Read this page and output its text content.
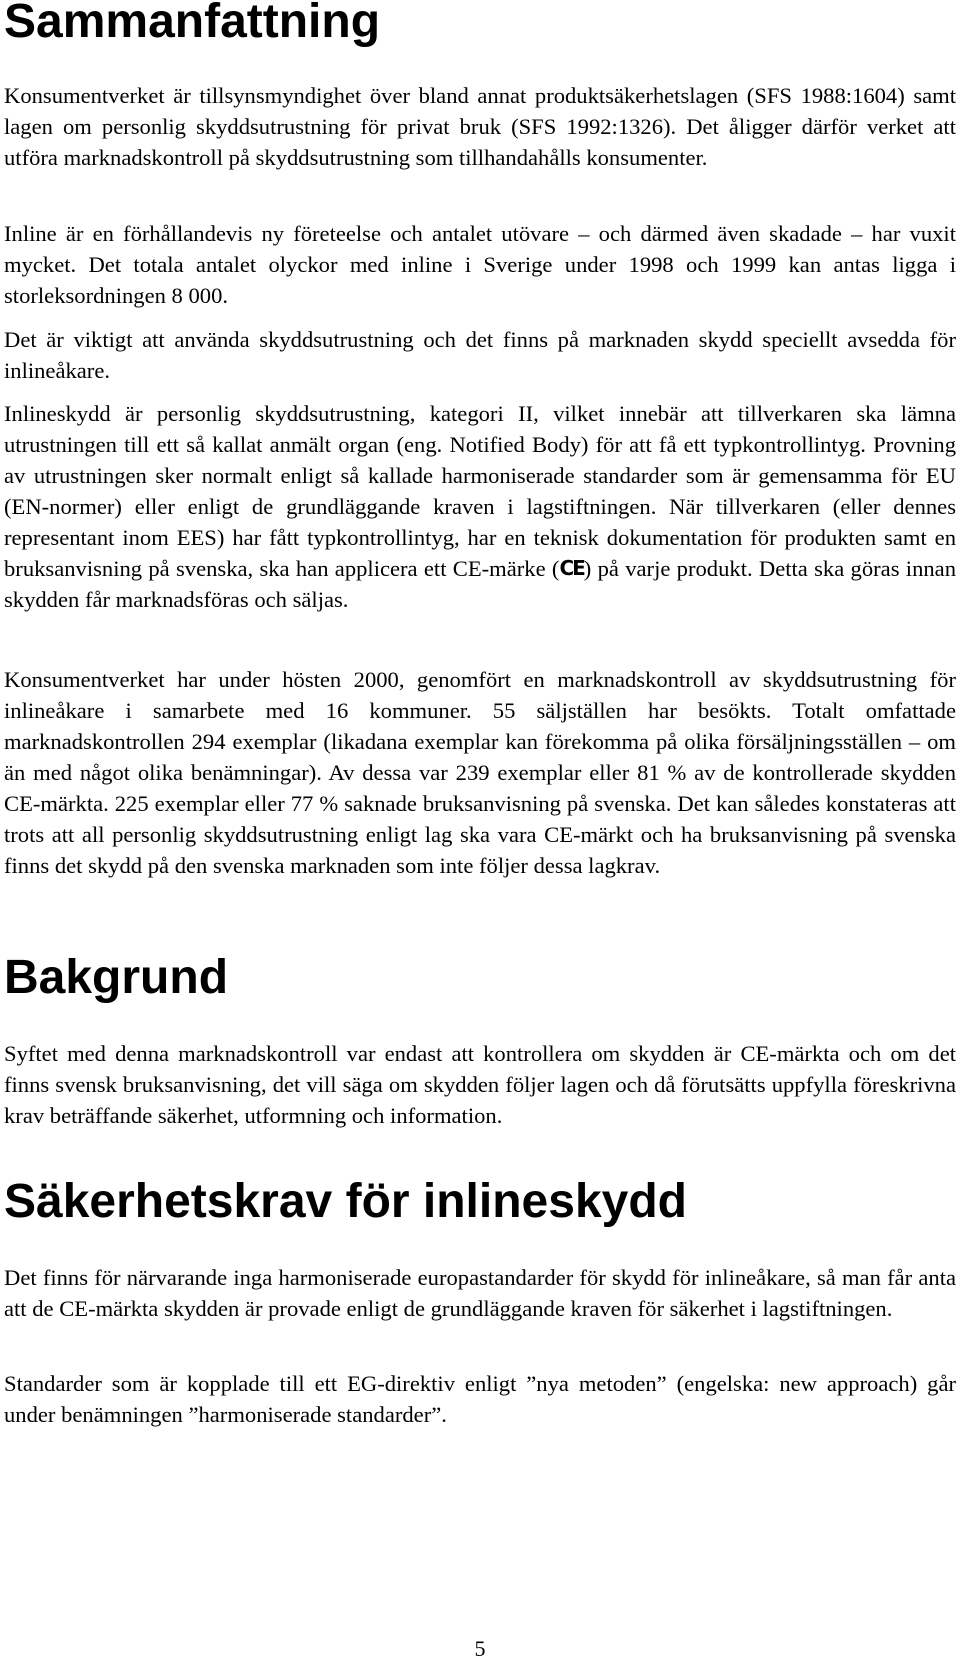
Sammanfattning

Konsumentverket är tillsynsmyndighet över bland annat produktsäkerhetslagen (SFS 1988:1604) samt lagen om personlig skyddsutrustning för privat bruk (SFS 1992:1326). Det åligger därför verket att utföra marknadskontroll på skyddsutrustning som tillhandahålls konsumenter.

Inline är en förhållandevis ny företeelse och antalet utövare – och därmed även skadade – har vuxit mycket. Det totala antalet olyckor med inline i Sverige under 1998 och 1999 kan antas ligga i storleksordningen 8 000.

Det är viktigt att använda skyddsutrustning och det finns på marknaden skydd speciellt avsedda för inlineåkare.

Inlineskydd är personlig skyddsutrustning, kategori II, vilket innebär att tillverkaren ska lämna utrustningen till ett så kallat anmält organ (eng. Notified Body) för att få ett typkontrollintyg. Provning av utrustningen sker normalt enligt så kallade harmoniserade standarder som är gemensamma för EU (EN-normer) eller enligt de grundläggande kraven i lagstiftningen. När tillverkaren (eller dennes representant inom EES) har fått typkontrollintyg, har en teknisk dokumentation för produkten samt en bruksanvisning på svenska, ska han applicera ett CE-märke (CE) på varje produkt. Detta ska göras innan skydden får marknadsföras och säljas.

Konsumentverket har under hösten 2000, genomfört en marknadskontroll av skyddsutrustning för inlineåkare i samarbete med 16 kommuner. 55 säljställen har besökts. Totalt omfattade marknadskontrollen 294 exemplar (likadana exemplar kan förekomma på olika försäljningsställen – om än med något olika benämningar). Av dessa var 239 exemplar eller 81 % av de kontrollerade skydden CE-märkta. 225 exemplar eller 77 % saknade bruksanvisning på svenska. Det kan således konstateras att trots att all personlig skyddsutrustning enligt lag ska vara CE-märkt och ha bruksanvisning på svenska finns det skydd på den svenska marknaden som inte följer dessa lagkrav.

Bakgrund

Syftet med denna marknadskontroll var endast att kontrollera om skydden är CE-märkta och om det finns svensk bruksanvisning, det vill säga om skydden följer lagen och då förutsätts uppfylla föreskrivna krav beträffande säkerhet, utformning och information.

Säkerhetskrav för inlineskydd

Det finns för närvarande inga harmoniserade europastandarder för skydd för inlineåkare, så man får anta att de CE-märkta skydden är provade enligt de grundläggande kraven för säkerhet i lagstiftningen.

Standarder som är kopplade till ett EG-direktiv enligt ”nya metoden” (engelska: new approach) går under benämningen ”harmoniserade standarder”.

5
